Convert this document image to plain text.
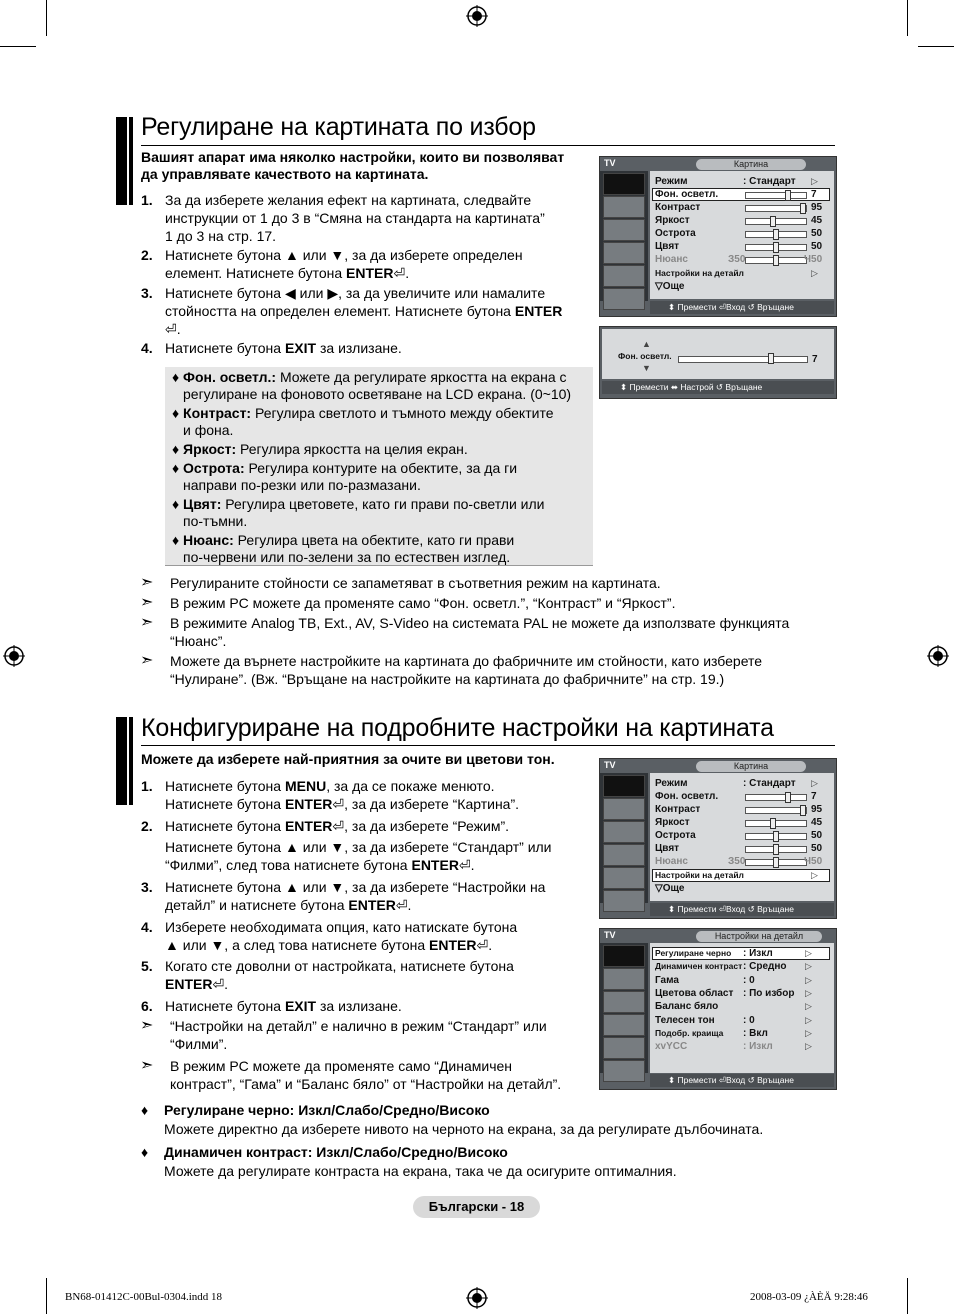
Регулиране на картината по избор
Вашият апарат има няколко настройки, които ви позволяват
да управлявате качеството на картината.
1. За да изберете желания ефект на картината, следвайте
инструкции от 1 до 3 в “Смяна на стандарта на картината”
1 до 3 на стр. 17.
2. Натиснете бутона ▲ или ▼, за да изберете определен
елемент. Натиснете бутона ENTER⏎.
3. Натиснете бутона ◀ или ▶, за да увеличите или намалите
стойността на определен елемент. Натиснете бутона ENTER
⏎.
4. Натиснете бутона EXIT за излизане.
♦ Фон. осветл.: Можете да регулирате яркостта на екрана с
регулиране на фоновото осветяване на LCD екрана. (0~10)
♦ Контраст: Регулира светлото и тъмното между обектите
и фона.
♦ Яркост: Регулира яркостта на целия екран.
♦ Острота: Регулира контурите на обектите, за да ги
направи по-резки или по-размазани.
♦ Цвят: Регулира цветовете, като ги прави по-светли или
по-тъмни.
♦ Нюанс: Регулира цвета на обектите, като ги прави
по-червени или по-зелени за по естествен изглед.
➣ Регулираните стойности се запаметяват в съответния режим на картината.
➣ В режим PC можете да променяте само “Фон. осветл.”, “Контраст” и “Яркост”.
➣ В режимите Analog TB, Ext., AV, S-Video на системата PAL не можете да използвате функцията
“Нюанс”.
➣ Можете да върнете настройките на картината до фабричните им стойности, като изберете
“Нулиране”. (Вж. “Връщане на настройките на картината до фабричните” на стр. 19.)
TV	Картина
Режим	: Стандарт ▷
Фон. осветл.	7
Контраст	95
Яркост	45
Острота	50
Цвят	50
Нюанс	З50	Ч50
Настройки на детайл	▷
▽Още
⬍ Премести ⏎Вход ↺ Връщане
▲
▼
Фон. осветл.	7
⬍ Премести ⬌ Настрой ↺ Връщане
Конфигуриране на подробните настройки на картината
Можете да изберете най-приятния за очите ви цветови тон.
1. Натиснете бутона MENU, за да се покаже менюто.
Натиснете бутона ENTER⏎, за да изберете “Картина”.
2. Натиснете бутона ENTER⏎, за да изберете “Режим”.
Натиснете бутона ▲ или ▼, за да изберете “Стандарт” или
“Филми”, след това натиснете бутона ENTER⏎.
3. Натиснете бутона ▲ или ▼, за да изберете “Настройки на
детайл” и натиснете бутона ENTER⏎.
4. Изберете необходимата опция, като натискате бутона
▲ или ▼, а след това натиснете бутона ENTER⏎.
5. Когато сте доволни от настройката, натиснете бутона
ENTER⏎.
6. Натиснете бутона EXIT за излизане.
➣ “Настройки на детайл” е налично в режим “Стандарт” или
“Филми”.
➣ В режим PC можете да променяте само “Динамичен
контраст”, “Гама” и “Баланс бяло” от “Настройки на детайл”.
♦ Регулиране черно: Изкл/Слабо/Средно/Високо
Можете директно да изберете нивото на черното на екрана, за да регулирате дълбочината.
♦ Динамичен контраст: Изкл/Слабо/Средно/Високо
Можете да регулирате контраста на екрана, така че да осигурите оптималния.
TV	Картина
Режим	: Стандарт ▷
Фон. осветл.	7
Контраст	95
Яркост	45
Острота	50
Цвят	50
Нюанс	З50	Ч50
Настройки на детайл	▷
▽Още
⬍ Премести ⏎Вход ↺ Връщане
TV	Настройки на детайл
Регулиране черно : Изкл	▷
Динамичен контраст : Средно ▷
Гама	: 0	▷
Цветова област : По избор ▷
Баланс бяло	▷
Телесен тон	: 0	▷
Подобр. краища : Вкл	▷
xvYCC	: Изкл	▷
⬍ Премести ⏎Вход ↺ Връщане
Български - 18
BN68-01412C-00Bul-0304.indd 18	2008-03-09 ¿ÀÈÄ 9:28:46
